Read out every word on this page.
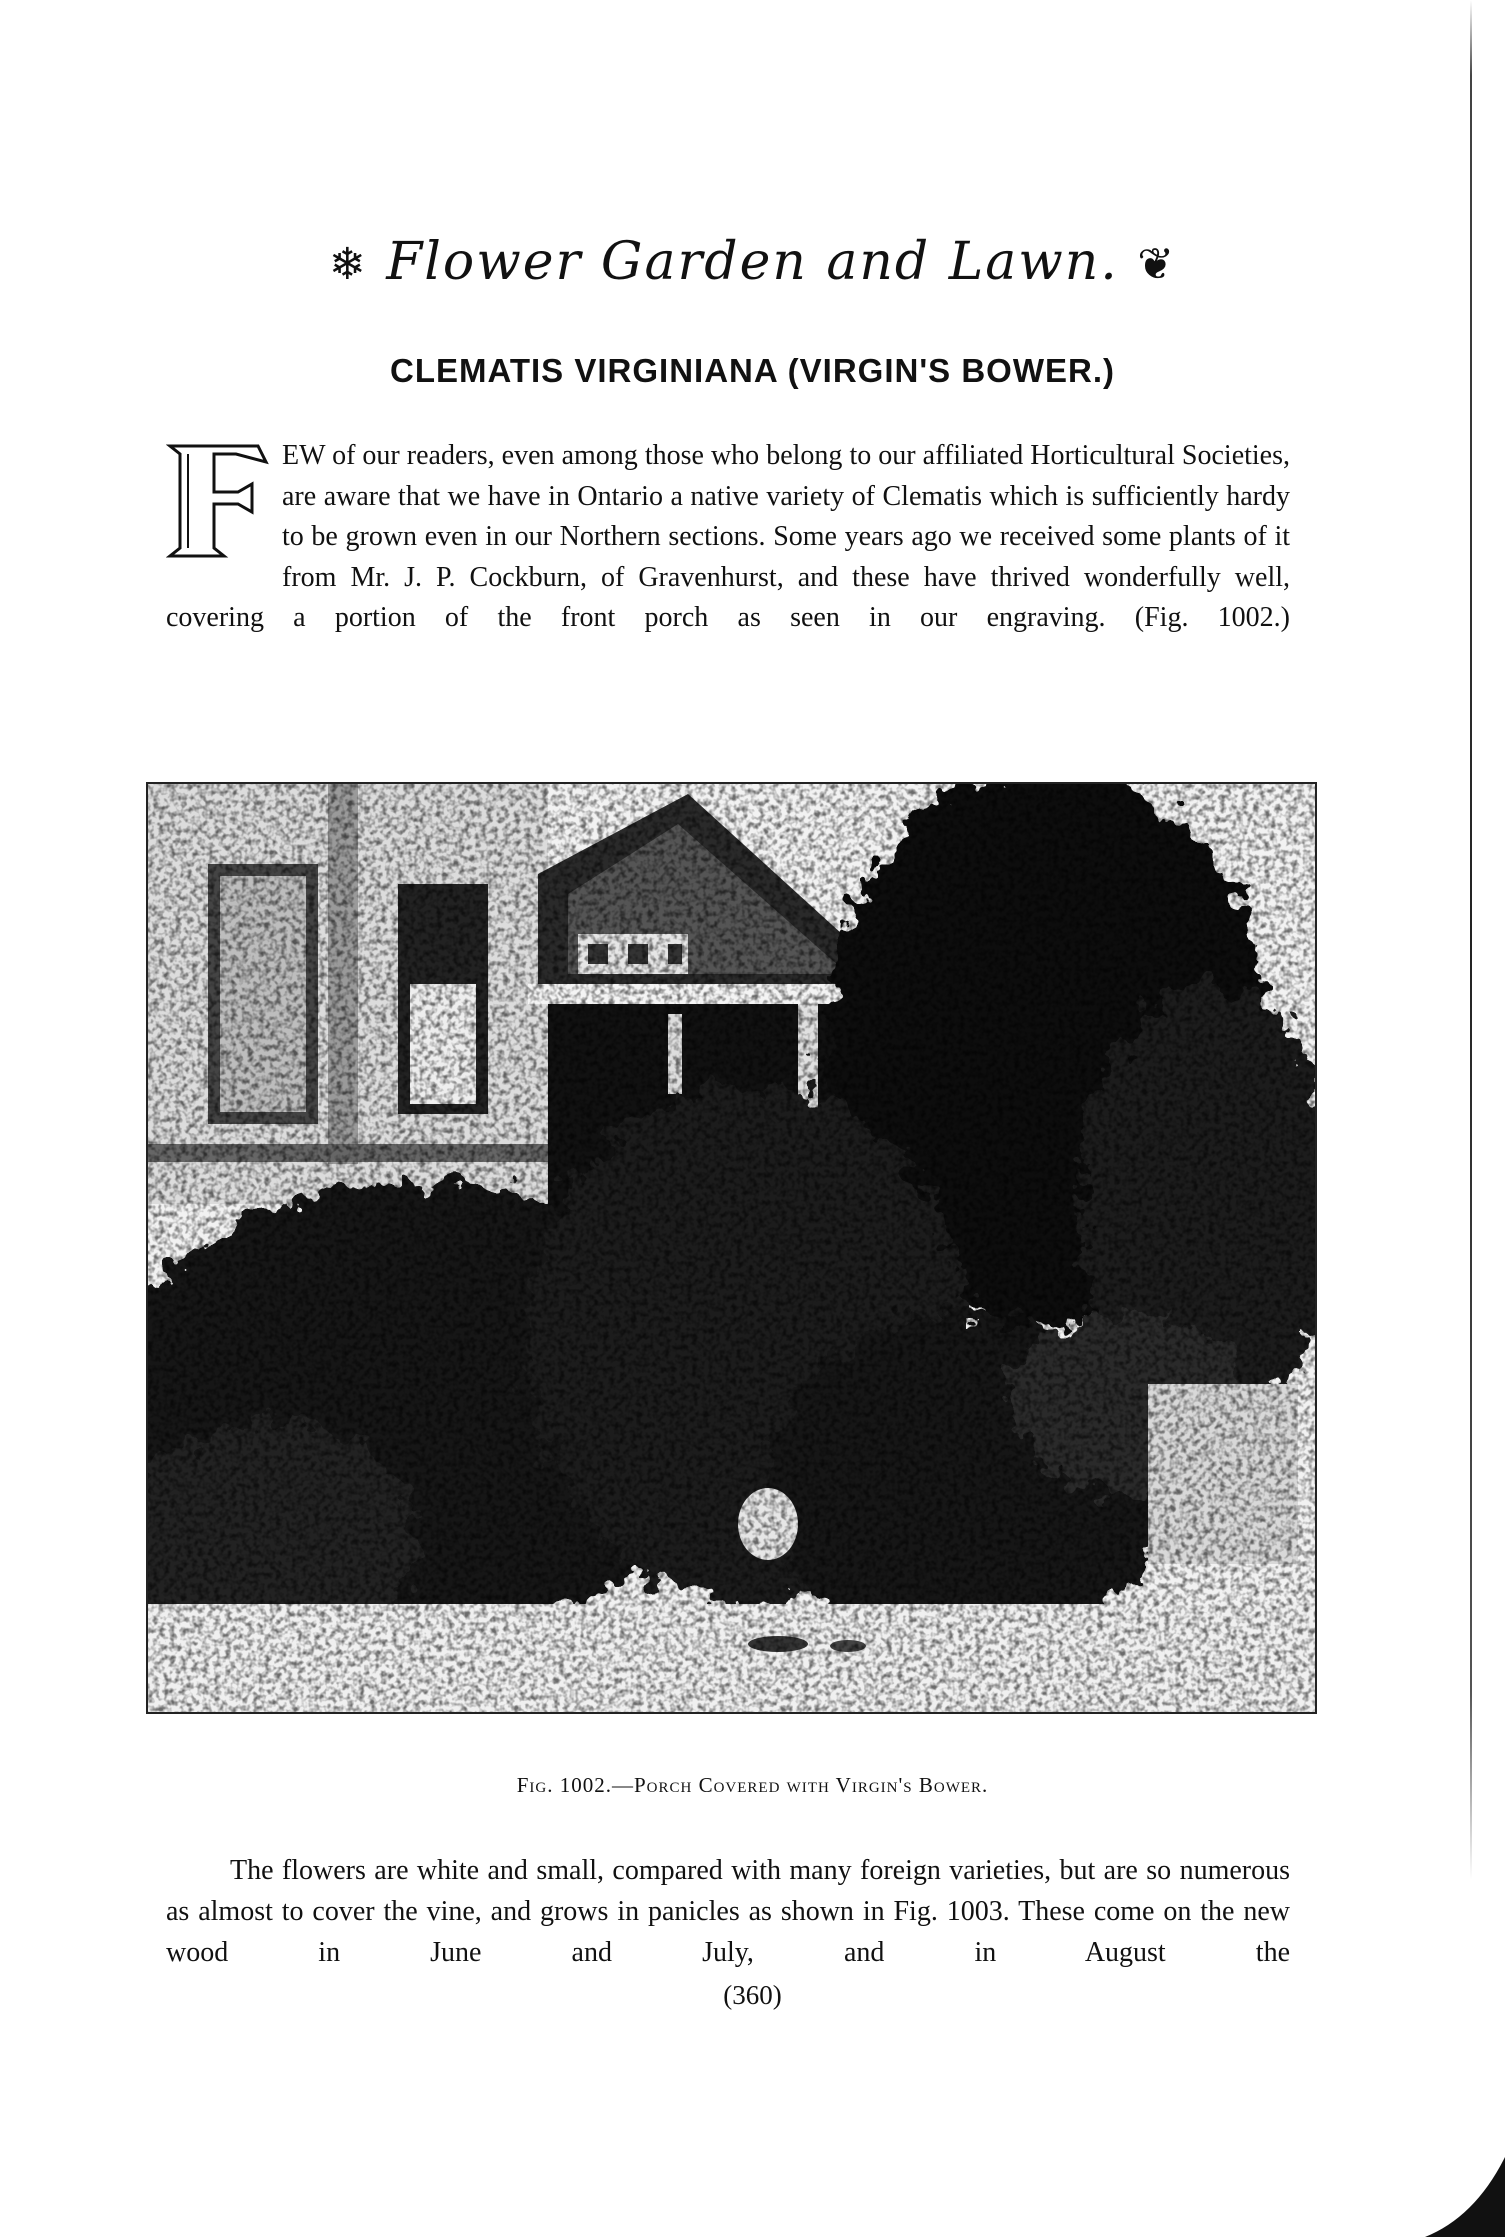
❄ Flower Garden and Lawn. ❦
CLEMATIS VIRGINIANA (VIRGIN'S BOWER.)
F

EW of our readers, even among those who belong to our affiliated Horticultural Societies, are aware that we have in Ontario a native variety of Clematis which is sufficiently hardy to be grown even in our Northern sections. Some years ago we received some plants of it from Mr. J. P. Cockburn, of Gravenhurst, and these have thrived wonderfully well, covering a portion of the front porch as seen in our engraving. (Fig. 1002.)

Fig. 1002.—Porch Covered with Virgin's Bower.

The flowers are white and small, compared with many foreign varieties, but are so numerous as almost to cover the vine, and grows in panicles as shown in Fig. 1003. These come on the new wood in June and July, and in August the

(360)
